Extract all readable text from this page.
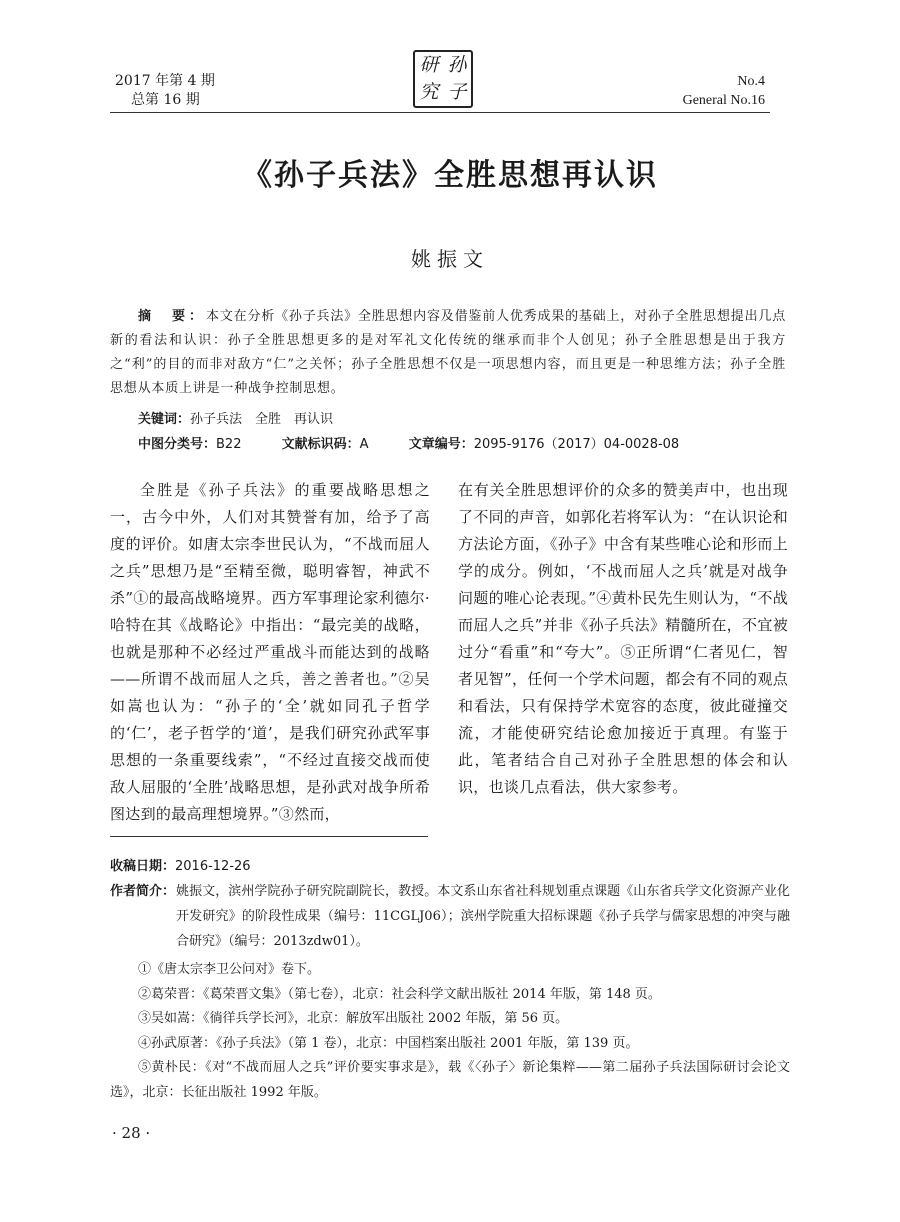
2017 年第 4 期
总第 16 期
研 孙
究 子	No.4
General No.16
《孙子兵法》全胜思想再认识
姚振文
摘　要：本文在分析《孙子兵法》全胜思想内容及借鉴前人优秀成果的基础上，对孙子全胜思想提出几点新的看法和认识：孙子全胜思想更多的是对军礼文化传统的继承而非个人创见；孙子全胜思想是出于我方之“利”的目的而非对敌方“仁”之关怀；孙子全胜思想不仅是一项思想内容，而且更是一种思维方法；孙子全胜思想从本质上讲是一种战争控制思想。
关键词：孙子兵法　全胜　再认识
中图分类号：B22	文献标识码：A	文章编号：2095-9176（2017）04-0028-08
全胜是《孙子兵法》的重要战略思想之一，古今中外，人们对其赞誉有加，给予了高度的评价。如唐太宗李世民认为，“不战而屈人之兵”思想乃是“至精至微，聪明睿智，神武不杀”①的最高战略境界。西方军事理论家利德尔·哈特在其《战略论》中指出：“最完美的战略，也就是那种不必经过严重战斗而能达到的战略——所谓不战而屈人之兵，善之善者也。”②吴如嵩也认为：“孙子的‘全’就如同孔子哲学的‘仁’，老子哲学的‘道’，是我们研究孙武军事思想的一条重要线索”，“不经过直接交战而使敌人屈服的‘全胜’战略思想，是孙武对战争所希图达到的最高理想境界。”③然而，
在有关全胜思想评价的众多的赞美声中，也出现了不同的声音，如郭化若将军认为：“在认识论和方法论方面，《孙子》中含有某些唯心论和形而上学的成分。例如，‘不战而屈人之兵’就是对战争问题的唯心论表现。”④黄朴民先生则认为，“不战而屈人之兵”并非《孙子兵法》精髓所在，不宜被过分“看重”和“夸大”。⑤正所谓“仁者见仁，智者见智”，任何一个学术问题，都会有不同的观点和看法，只有保持学术宽容的态度，彼此碰撞交流，才能使研究结论愈加接近于真理。有鉴于此，笔者结合自己对孙子全胜思想的体会和认识，也谈几点看法，供大家参考。
收稿日期：2016-12-26
作者简介： 姚振文，滨州学院孙子研究院副院长，教授。本文系山东省社科规划重点课题《山东省兵学文化资源产业化开发研究》的阶段性成果（编号：11CGLJ06）；滨州学院重大招标课题《孙子兵学与儒家思想的冲突与融合研究》（编号：2013zdw01）。
①《唐太宗李卫公问对》卷下。
②葛荣晋：《葛荣晋文集》（第七卷），北京：社会科学文献出版社 2014 年版，第 148 页。
③吴如嵩：《徜徉兵学长河》，北京：解放军出版社 2002 年版，第 56 页。
④孙武原著：《孙子兵法》（第 1 卷），北京：中国档案出版社 2001 年版，第 139 页。
⑤黄朴民：《对“不战而屈人之兵”评价要实事求是》，载《〈孙子〉新论集粹——第二届孙子兵法国际研讨会论文选》，北京：长征出版社 1992 年版。
· 28 ·
